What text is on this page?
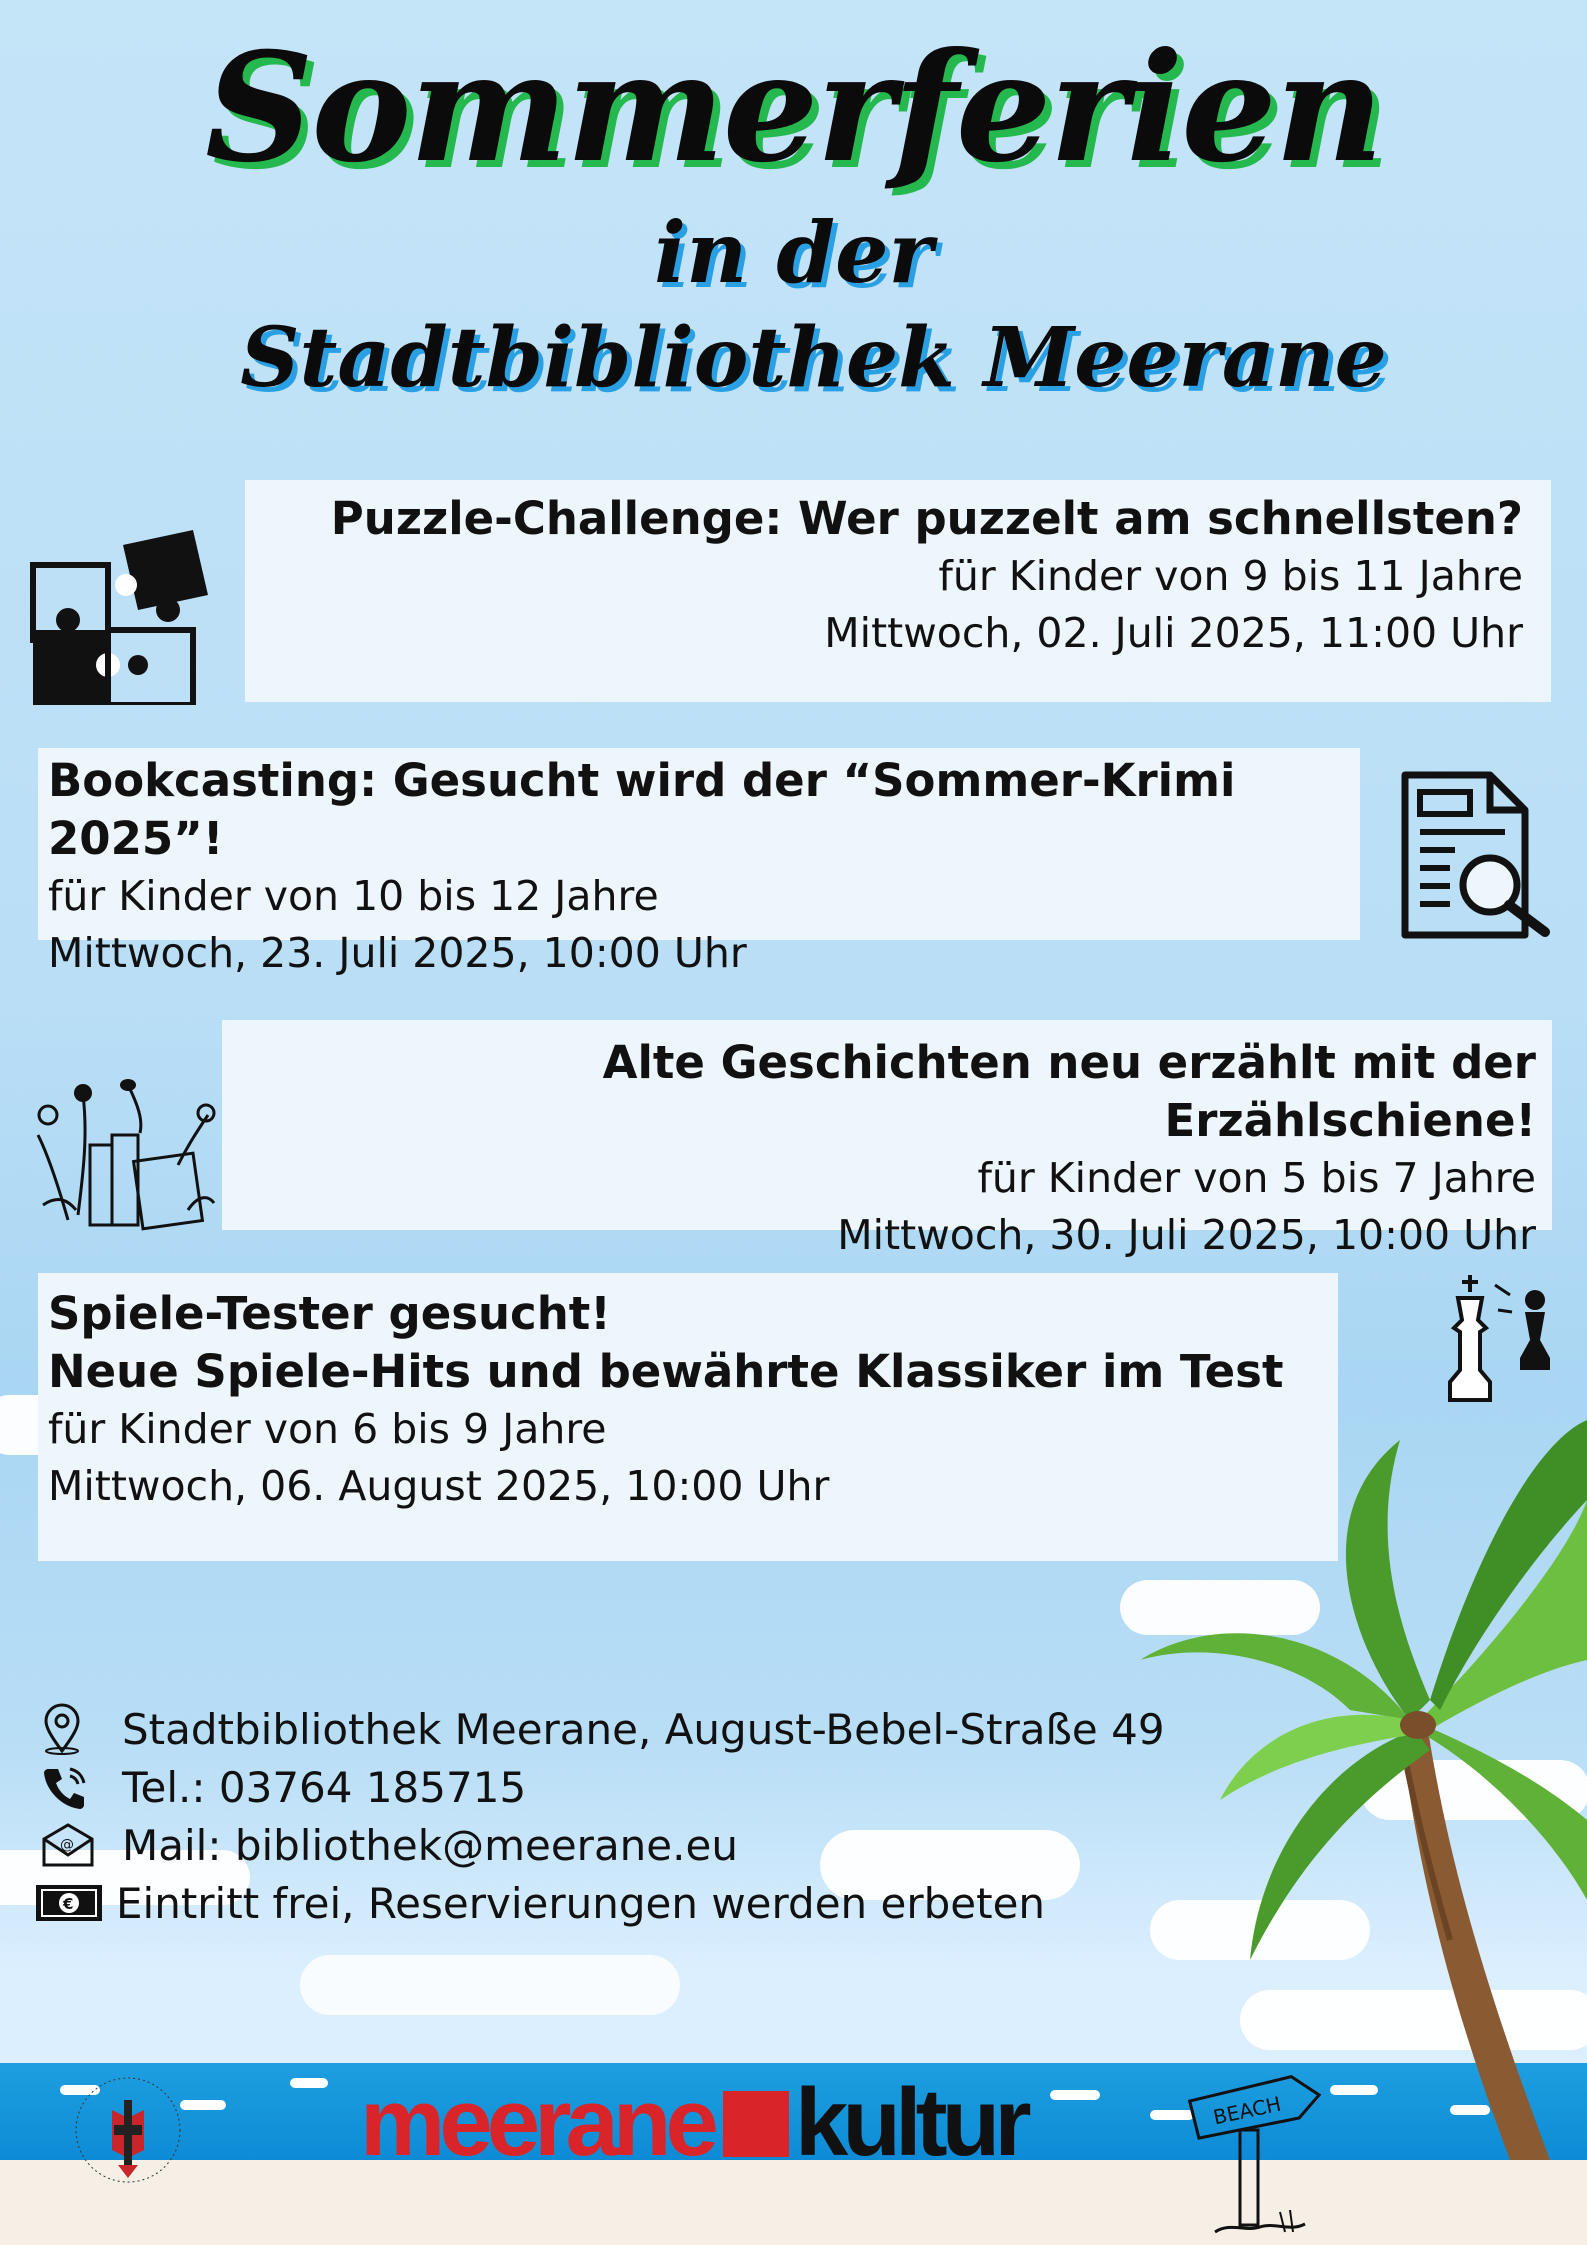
Sommerferien
in der
Stadtbibliothek Meerane
Puzzle-Challenge: Wer puzzelt am schnellsten?
für Kinder von 9 bis 11 Jahre
Mittwoch, 02. Juli 2025, 11:00 Uhr
Bookcasting: Gesucht wird der “Sommer-Krimi 2025”!
für Kinder von 10 bis 12 Jahre
Mittwoch, 23. Juli 2025, 10:00 Uhr
Alte Geschichten neu erzählt mit der Erzählschiene!
für Kinder von 5 bis 7 Jahre
Mittwoch, 30. Juli 2025, 10:00 Uhr
Spiele-Tester gesucht!
Neue Spiele-Hits und bewährte Klassiker im Test
für Kinder von 6 bis 9 Jahre
Mittwoch, 06. August 2025, 10:00 Uhr
Stadtbibliothek Meerane, August-Bebel-Straße 49
Tel.: 03764 185715
@ Mail: bibliothek@meerane.eu
€ Eintritt frei, Reservierungen werden erbeten
meerane kultur	BEACH
